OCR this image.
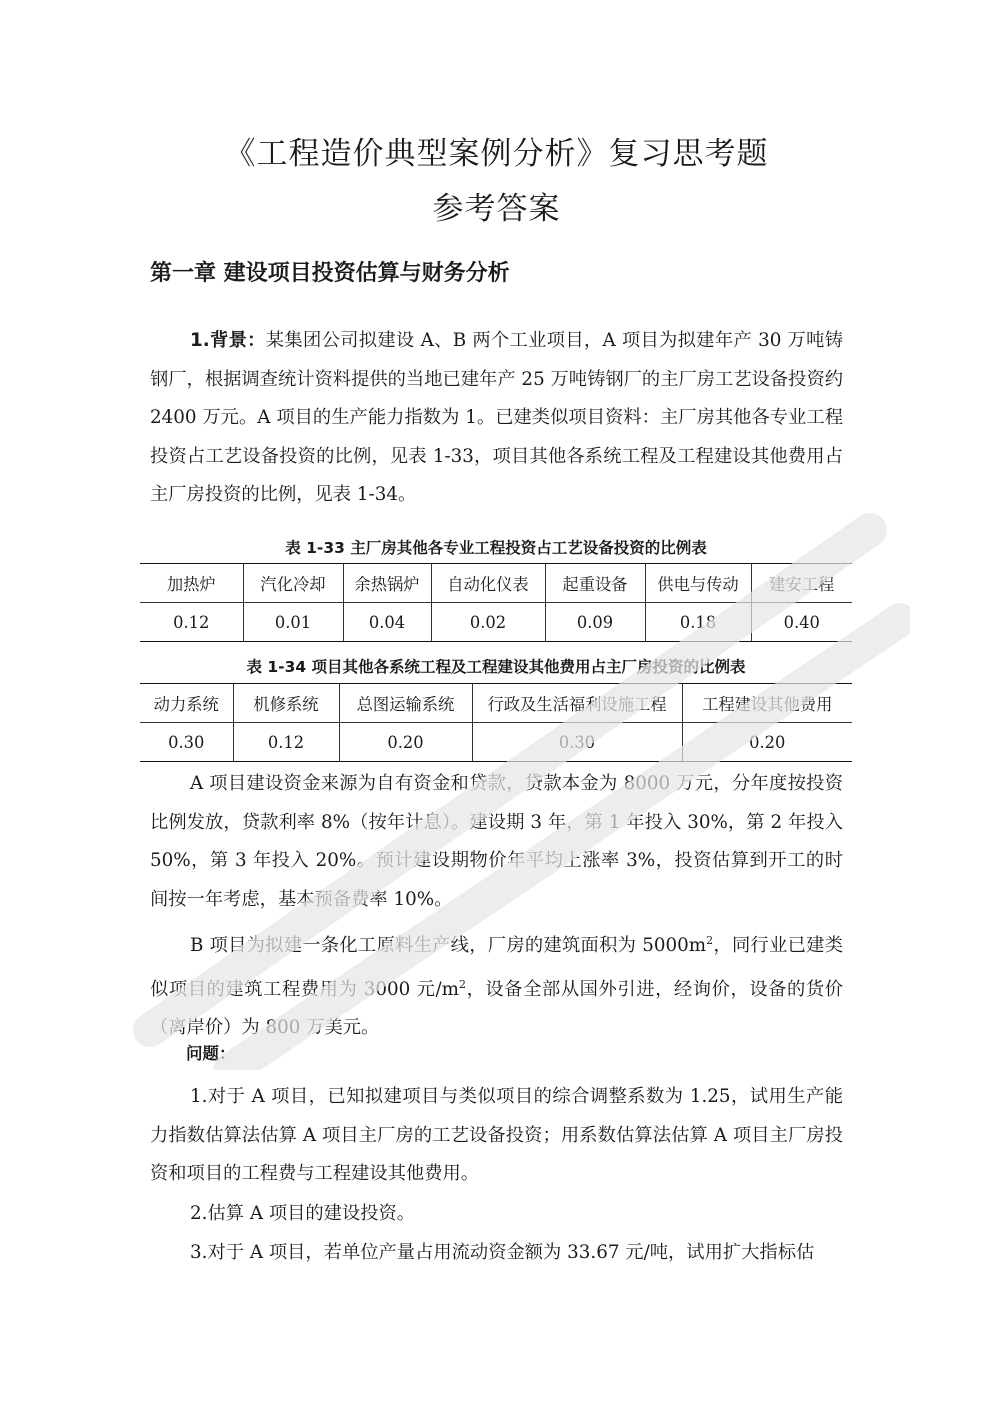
《工程造价典型案例分析》复习思考题
参考答案
第一章 建设项目投资估算与财务分析
1.背景：某集团公司拟建设 A、B 两个工业项目，A 项目为拟建年产 30 万吨铸钢厂，根据调查统计资料提供的当地已建年产 25 万吨铸钢厂的主厂房工艺设备投资约 2400 万元。A 项目的生产能力指数为 1。已建类似项目资料：主厂房其他各专业工程投资占工艺设备投资的比例，见表 1-33，项目其他各系统工程及工程建设其他费用占主厂房投资的比例，见表 1-34。
表 1-33 主厂房其他各专业工程投资占工艺设备投资的比例表
加热炉	汽化冷却	余热锅炉	自动化仪表	起重设备	供电与传动	建安工程
0.12	0.01	0.04	0.02	0.09	0.18	0.40
表 1-34 项目其他各系统工程及工程建设其他费用占主厂房投资的比例表
动力系统	机修系统	总图运输系统	行政及生活福利设施工程	工程建设其他费用
0.30	0.12	0.20	0.30	0.20
A 项目建设资金来源为自有资金和贷款，贷款本金为 8000 万元，分年度按投资比例发放，贷款利率 8%（按年计息）。建设期 3 年，第 1 年投入 30%，第 2 年投入 50%，第 3 年投入 20%。预计建设期物价年平均上涨率 3%，投资估算到开工的时间按一年考虑，基本预备费率 10%。
B 项目为拟建一条化工原料生产线，厂房的建筑面积为 $5000m^2$，同行业已建类似项目的建筑工程费用为 3000 元$/m^2$，设备全部从国外引进，经询价，设备的货价（离岸价）为 800 万美元。
问题：
1.对于 A 项目，已知拟建项目与类似项目的综合调整系数为 1.25，试用生产能力指数估算法估算 A 项目主厂房的工艺设备投资；用系数估算法估算 A 项目主厂房投资和项目的工程费与工程建设其他费用。
2.估算 A 项目的建设投资。
3.对于 A 项目，若单位产量占用流动资金额为 33.67 元/吨，试用扩大指标估
